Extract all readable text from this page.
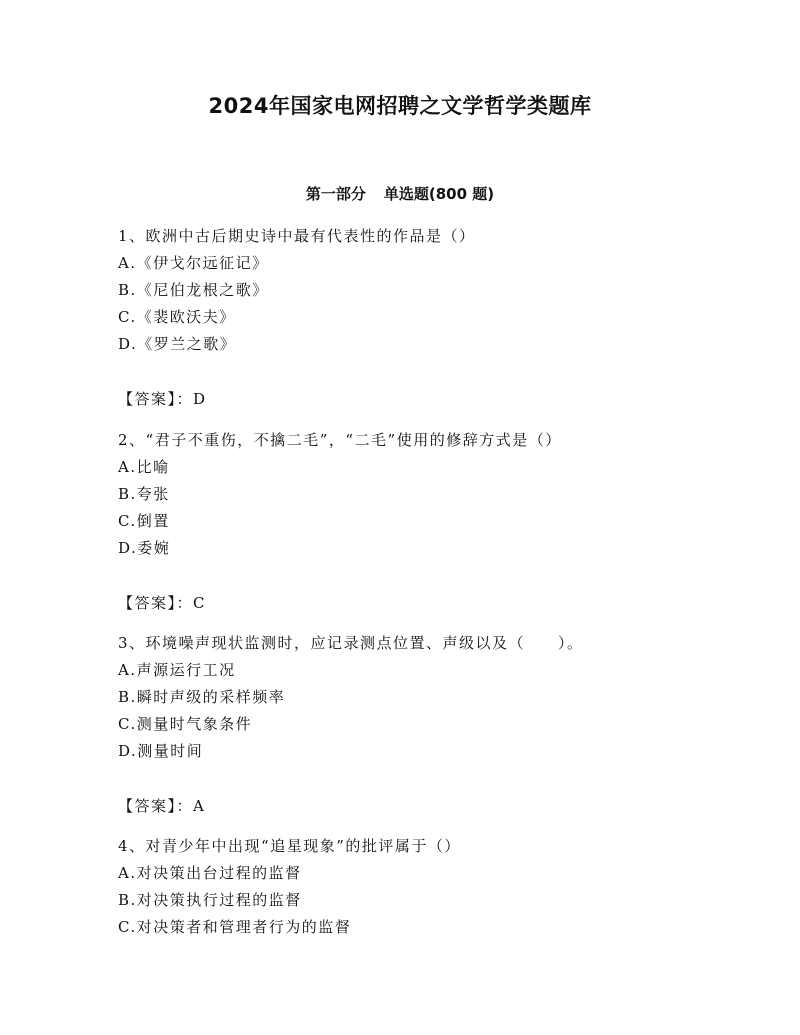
2024年国家电网招聘之文学哲学类题库
第一部分 单选题(800 题)
1、欧洲中古后期史诗中最有代表性的作品是（）
A.《伊戈尔远征记》
B.《尼伯龙根之歌》
C.《裴欧沃夫》
D.《罗兰之歌》
【答案】：D
2、“君子不重伤，不擒二毛”，“二毛”使用的修辞方式是（）
A.比喻
B.夸张
C.倒置
D.委婉
【答案】：C
3、环境噪声现状监测时，应记录测点位置、声级以及（　　）。
A.声源运行工况
B.瞬时声级的采样频率
C.测量时气象条件
D.测量时间
【答案】：A
4、对青少年中出现“追星现象”的批评属于（）
A.对决策出台过程的监督
B.对决策执行过程的监督
C.对决策者和管理者行为的监督
